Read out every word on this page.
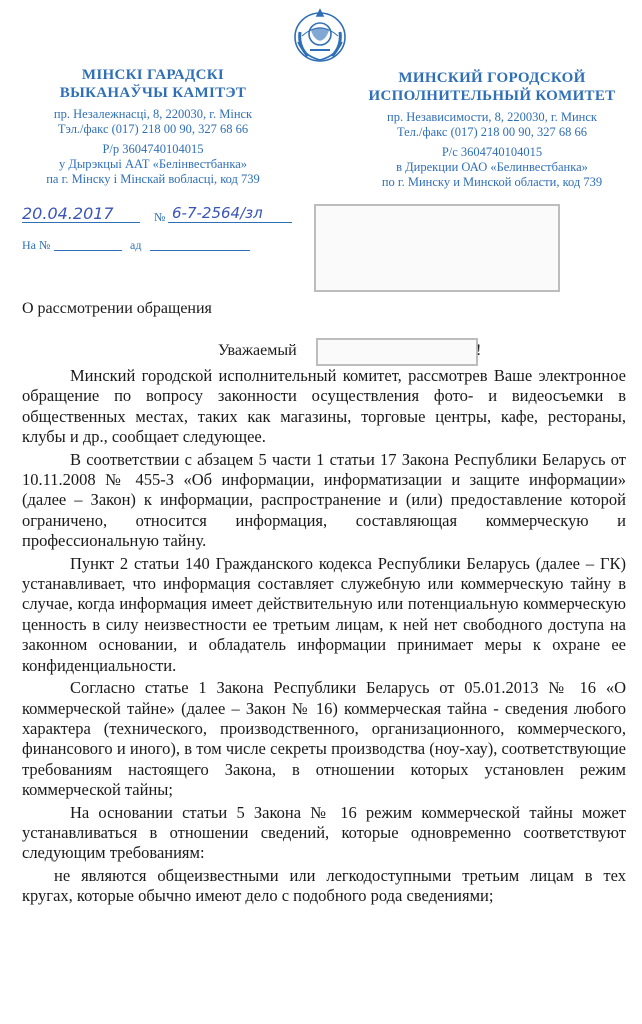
МІНСКІ ГАРАДСКІ
ВЫКАНАЎЧЫ КАМІТЭТ
пр. Незалежнасці, 8, 220030, г. Мінск
Тэл./факс (017) 218 00 90, 327 68 66
Р/р 3604740104015
у Дырэкцыі ААТ «Белінвестбанка»
па г. Мінску і Мінскай вобласці, код 739
МИНСКИЙ ГОРОДСКОЙ
ИСПОЛНИТЕЛЬНЫЙ КОМИТЕТ
пр. Независимости, 8, 220030, г. Минск
Тел./факс (017) 218 00 90, 327 68 66
Р/с 3604740104015
в Дирекции ОАО «Белинвестбанка»
по г. Минску и Минской области, код 739
20.04.2017	№ 6-7-2564/зл
На №	ад
О рассмотрении обращения
Уважаемый	!

Минский городской исполнительный комитет, рассмотрев Ваше электронное обращение по вопросу законности осуществления фото- и видеосъемки в общественных местах, таких как магазины, торговые центры, кафе, рестораны, клубы и др., сообщает следующее.

В соответствии с абзацем 5 части 1 статьи 17 Закона Республики Беларусь от 10.11.2008 № 455-З «Об информации, информатизации и защите информации» (далее – Закон) к информации, распространение и (или) предоставление которой ограничено, относится информация, составляющая коммерческую и профессиональную тайну.

Пункт 2 статьи 140 Гражданского кодекса Республики Беларусь (далее – ГК) устанавливает, что информация составляет служебную или коммерческую тайну в случае, когда информация имеет действительную или потенциальную коммерческую ценность в силу неизвестности ее третьим лицам, к ней нет свободного доступа на законном основании, и обладатель информации принимает меры к охране ее конфиденциальности.

Согласно статье 1 Закона Республики Беларусь от 05.01.2013 № 16 «О коммерческой тайне» (далее – Закон № 16) коммерческая тайна - сведения любого характера (технического, производственного, организационного, коммерческого, финансового и иного), в том числе секреты производства (ноу-хау), соответствующие требованиям настоящего Закона, в отношении которых установлен режим коммерческой тайны;

На основании статьи 5 Закона № 16 режим коммерческой тайны может устанавливаться в отношении сведений, которые одновременно соответствуют следующим требованиям:

не являются общеизвестными или легкодоступными третьим лицам в тех кругах, которые обычно имеют дело с подобного рода сведениями;
